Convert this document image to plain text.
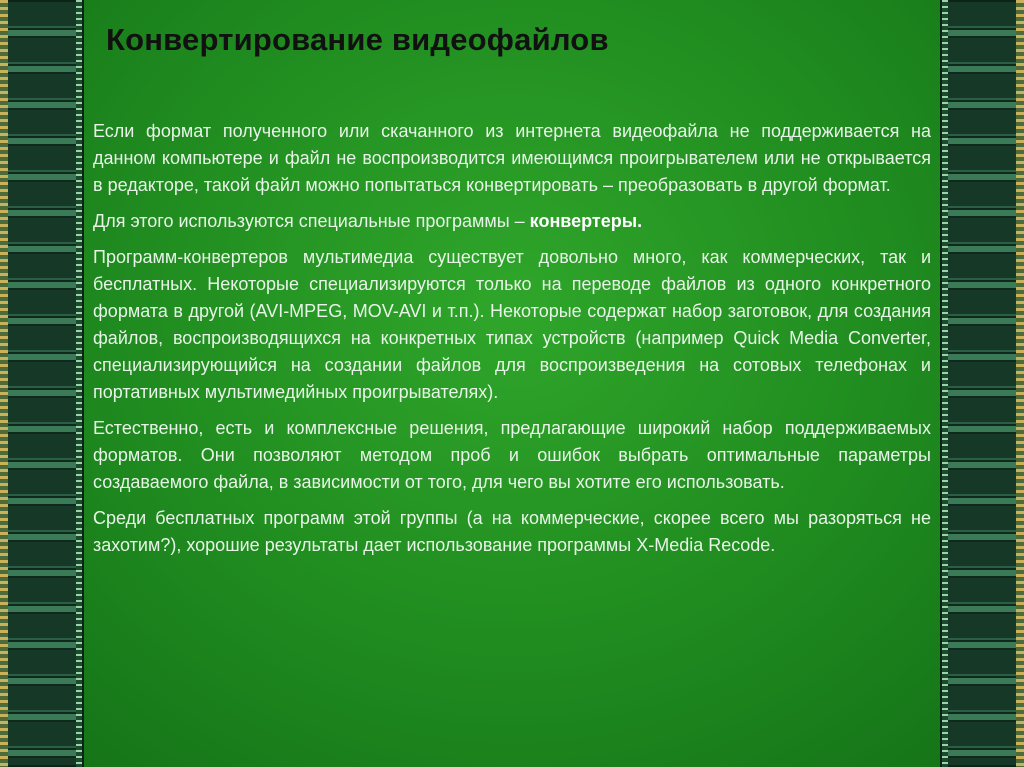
Конвертирование видеофайлов

Если формат полученного или скачанного из интернета видеофайла не поддерживается на данном компьютере и файл не воспроизводится имеющимся проигрывателем или не открывается в редакторе, такой файл можно попытаться конвертировать – преобразовать в другой формат.

Для этого используются специальные программы – конвертеры.

Программ-конвертеров мультимедиа существует довольно много, как коммерческих, так и бесплатных. Некоторые специализируются только на переводе файлов из одного конкретного формата в другой (AVI-MPEG, MOV-AVI и т.п.). Некоторые содержат набор заготовок, для создания файлов, воспроизводящихся на конкретных типах устройств (например Quick Media Converter, специализирующийся на создании файлов для воспроизведения на сотовых телефонах и портативных мультимедийных проигрывателях).

Естественно, есть и комплексные решения, предлагающие широкий набор поддерживаемых форматов. Они позволяют методом проб и ошибок выбрать оптимальные параметры создаваемого файла, в зависимости от того, для чего вы хотите его использовать.

Среди бесплатных программ этой группы (а на коммерческие, скорее всего мы разоряться не захотим?), хорошие результаты дает использование программы X-Media Recode.
